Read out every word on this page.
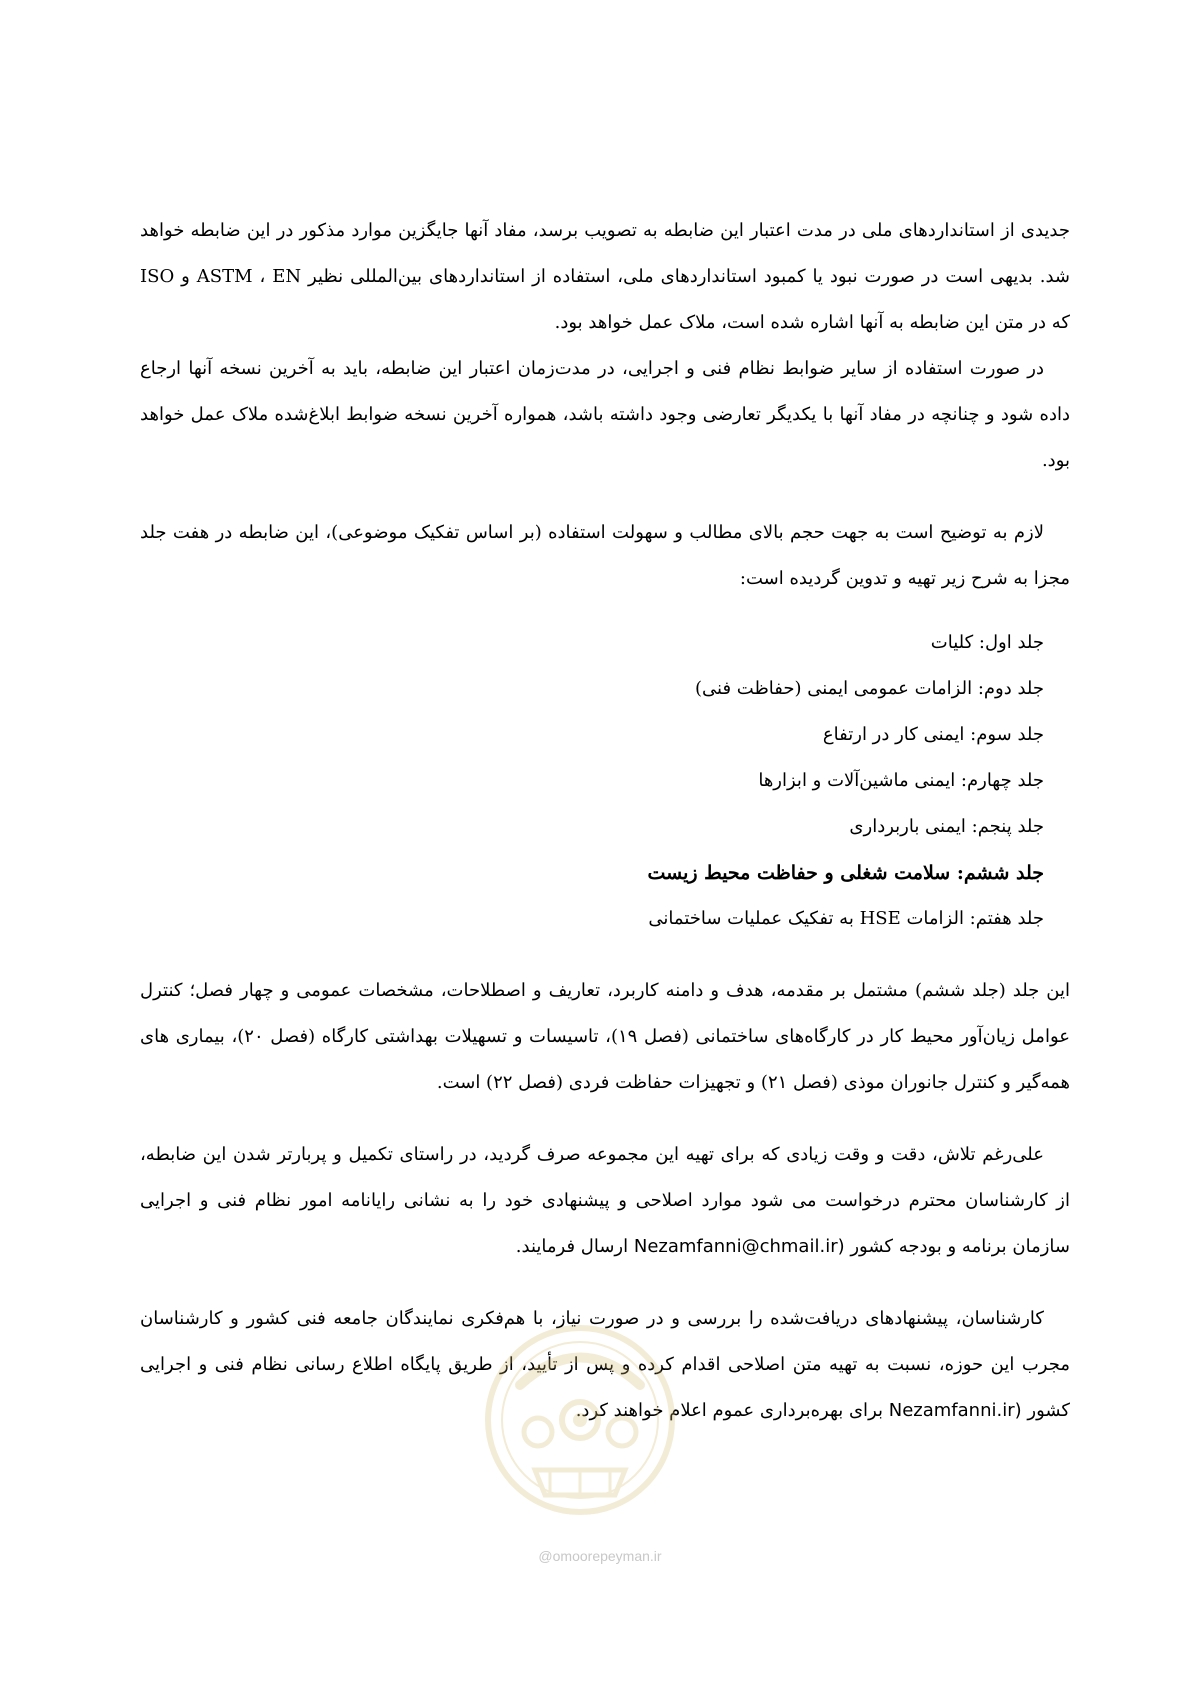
جدیدی از استانداردهای ملی در مدت اعتبار این ضابطه به تصویب برسد، مفاد آنها جایگزین موارد مذکور در این ضابطه خواهد شد. بدیهی است در صورت نبود یا کمبود استانداردهای ملی، استفاده از استانداردهای بین‌المللی نظیر ASTM ، EN و ISO که در متن این ضابطه به آنها اشاره شده است، ملاک عمل خواهد بود.

در صورت استفاده از سایر ضوابط نظام فنی و اجرایی، در مدت‌زمان اعتبار این ضابطه، باید به آخرین نسخه آنها ارجاع داده شود و چنانچه در مفاد آنها با یکدیگر تعارضی وجود داشته باشد، همواره آخرین نسخه ضوابط ابلاغ‌شده ملاک عمل خواهد بود.

لازم به توضیح است به جهت حجم بالای مطالب و سهولت استفاده (بر اساس تفکیک موضوعی)، این ضابطه در هفت جلد مجزا به شرح زیر تهیه و تدوین گردیده است:

جلد اول: کلیات
جلد دوم: الزامات عمومی ایمنی (حفاظت فنی)
جلد سوم: ایمنی کار در ارتفاع
جلد چهارم: ایمنی ماشین‌آلات و ابزارها
جلد پنجم: ایمنی باربرداری
جلد ششم: سلامت شغلی و حفاظت محیط زیست
جلد هفتم: الزامات HSE به تفکیک عملیات ساختمانی

این جلد (جلد ششم) مشتمل بر مقدمه، هدف و دامنه کاربرد، تعاریف و اصطلاحات، مشخصات عمومی و چهار فصل؛ کنترل عوامل زیان‌آور محیط کار در کارگاه‌های ساختمانی (فصل ۱۹)، تاسیسات و تسهیلات بهداشتی کارگاه (فصل ۲۰)، بیماری های همه‌گیر و کنترل جانوران موذی (فصل ۲۱) و تجهیزات حفاظت فردی (فصل ۲۲) است.

علی‌رغم تلاش، دقت و وقت زیادی که برای تهیه این مجموعه صرف گردید، در راستای تکمیل و پربارتر شدن این ضابطه، از کارشناسان محترم درخواست می شود موارد اصلاحی و پیشنهادی خود را به نشانی رایانامه امور نظام فنی و اجرایی سازمان برنامه و بودجه کشور (Nezamfanni@chmail.ir ارسال فرمایند.

کارشناسان، پیشنهادهای دریافت‌شده را بررسی و در صورت نیاز، با هم‌فکری نمایندگان جامعه فنی کشور و کارشناسان مجرب این حوزه، نسبت به تهیه متن اصلاحی اقدام کرده و پس از تأیید، از طریق پایگاه اطلاع رسانی نظام فنی و اجرایی کشور (Nezamfanni.ir برای بهره‌برداری عموم اعلام خواهند کرد.

@omoorepeyman.ir
